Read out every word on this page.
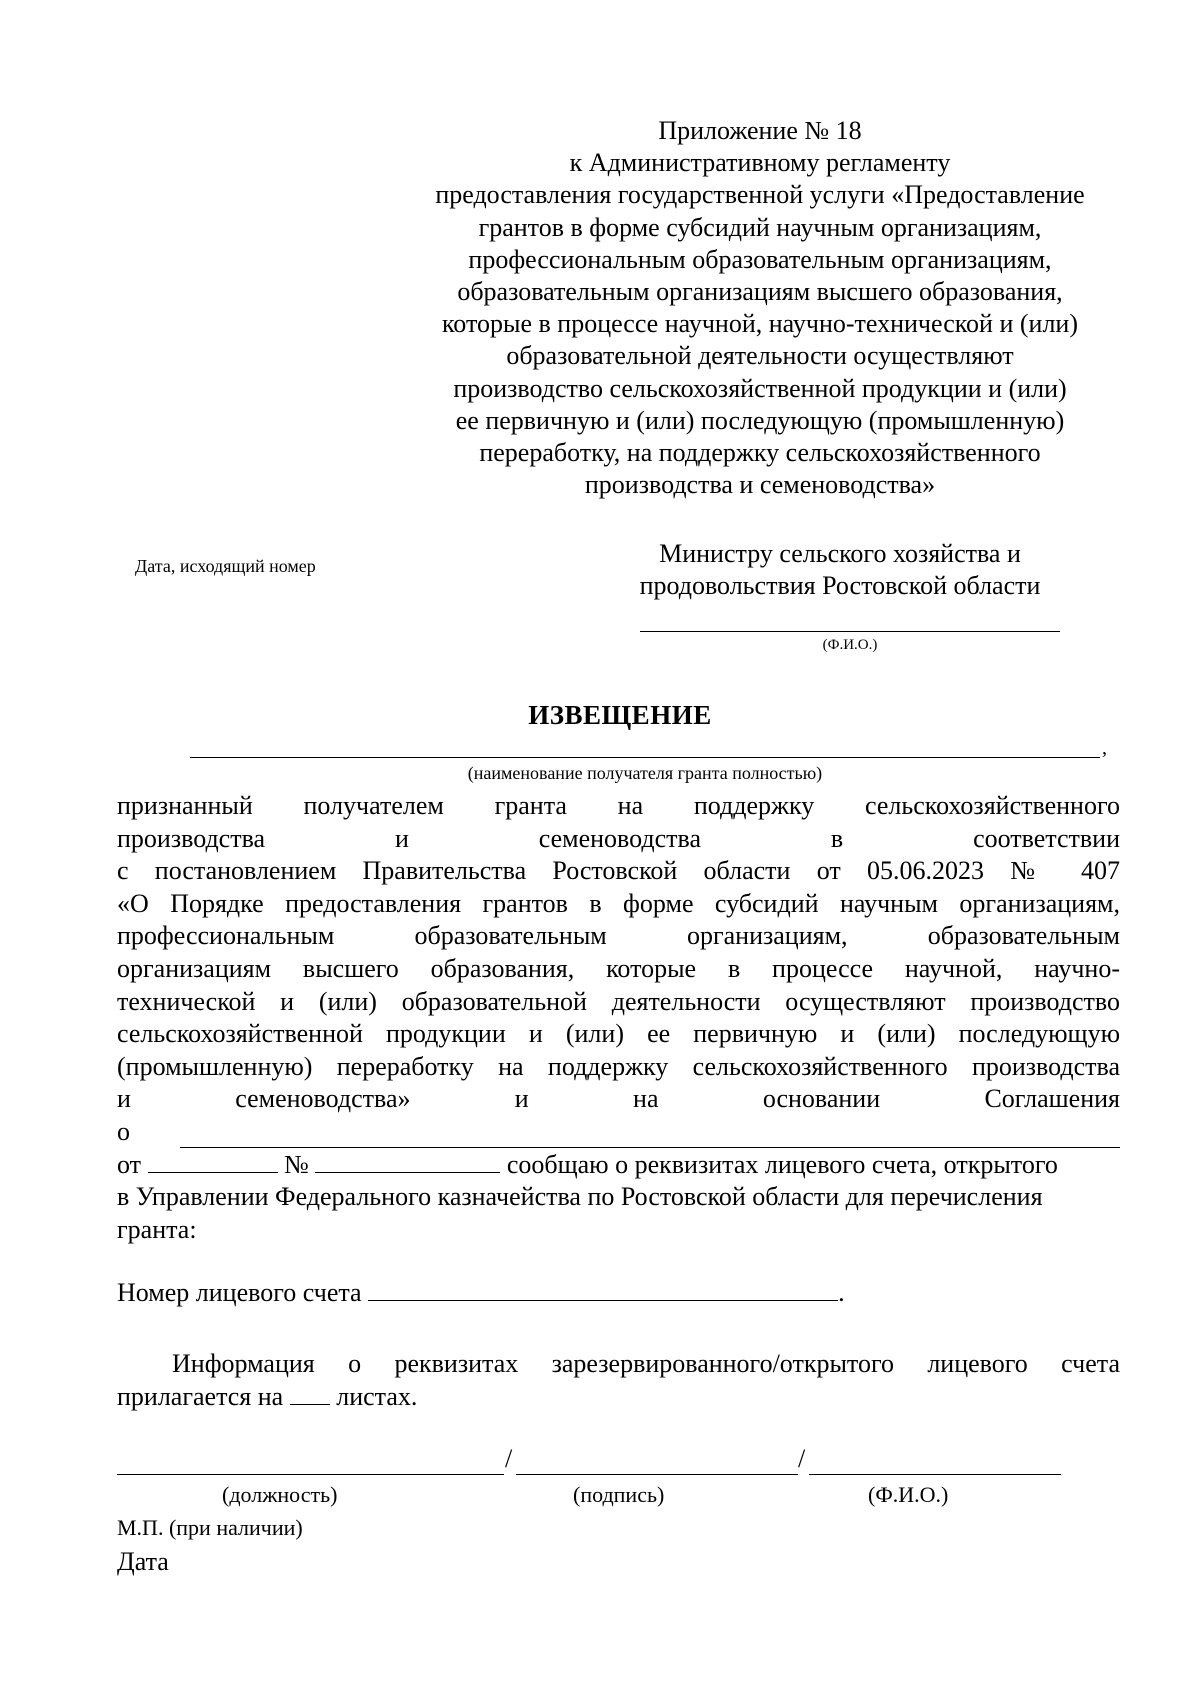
Приложение № 18
к Административному регламенту
предоставления государственной услуги «Предоставление
грантов в форме субсидий научным организациям,
профессиональным образовательным организациям,
образовательным организациям высшего образования,
которые в процессе научной, научно-технической и (или)
образовательной деятельности осуществляют
производство сельскохозяйственной продукции и (или)
ее первичную и (или) последующую (промышленную)
переработку, на поддержку сельскохозяйственного
производства и семеноводства»
Дата, исходящий номер	Министру сельского хозяйства и
продовольствия Ростовской области
(Ф.И.О.)
ИЗВЕЩЕНИЕ
,
(наименование получателя гранта полностью)
признанный получателем гранта на поддержку сельскохозяйственного
производства и семеноводства в соответствии
с постановлением Правительства Ростовской области от 05.06.2023 № 407
«О Порядке предоставления грантов в форме субсидий научным организациям,
профессиональным образовательным организациям, образовательным
организациям высшего образования, которые в процессе научной, научно-
технической и (или) образовательной деятельности осуществляют производство
сельскохозяйственной продукции и (или) ее первичную и (или) последующую
(промышленную) переработку на поддержку сельскохозяйственного производства
и семеноводства» и на основании Соглашения
о
от	№	сообщаю о реквизитах лицевого счета, открытого
в Управлении Федерального казначейства по Ростовской области для перечисления
гранта:
Номер лицевого счета	.
Информация о реквизитах зарезервированного/открытого лицевого счета
прилагается на листах.
/	/
(должность)	(подпись)	(Ф.И.О.)
М.П. (при наличии)
Дата
